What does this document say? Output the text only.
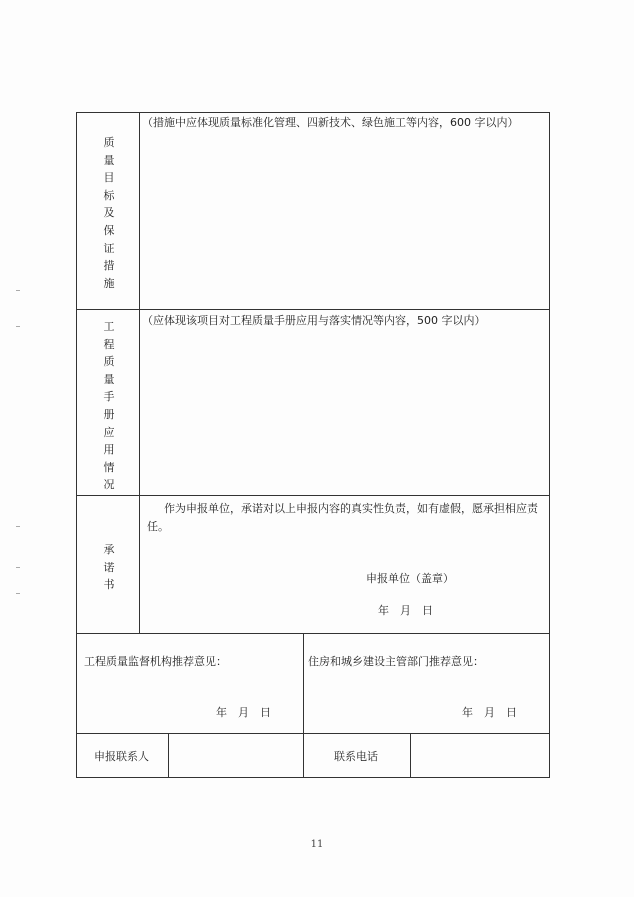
质
量
目
标
及
保
证
措
施
（措施中应体现质量标准化管理、四新技术、绿色施工等内容，600 字以内）
工
程
质
量
手
册
应
用
情
况
（应体现该项目对工程质量手册应用与落实情况等内容，500 字以内）
承
诺
书
作为申报单位，承诺对以上申报内容的真实性负责，如有虚假，愿承担相应责
任。
申报单位（盖章）
年　月　日
工程质量监督机构推荐意见：
年　月　日
住房和城乡建设主管部门推荐意见：
年　月　日
申报联系人	联系电话
11
